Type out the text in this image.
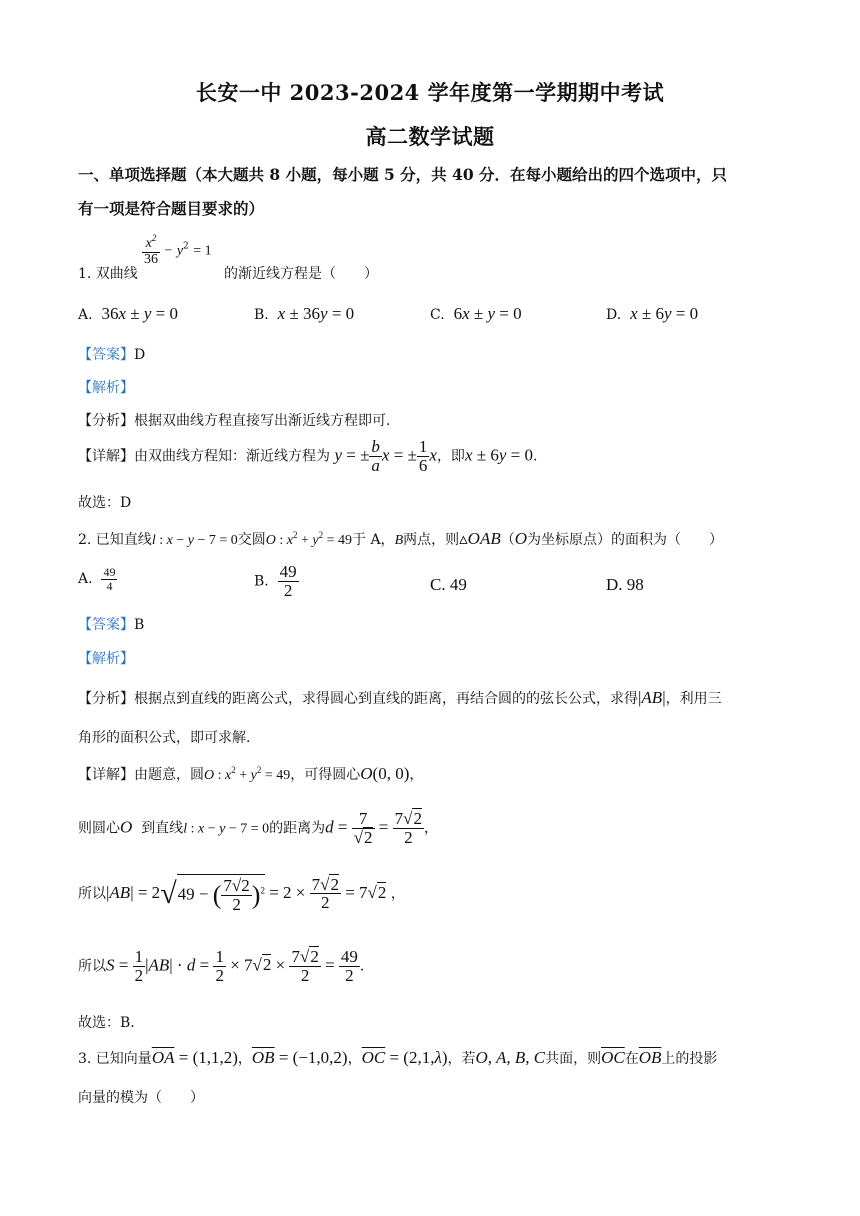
长安一中 2023-2024 学年度第一学期期中考试
高二数学试题
一、单项选择题（本大题共 8 小题，每小题 5 分，共 40 分．在每小题给出的四个选项中，只
有一项是符合题目要求的）
1. 双曲线
$\frac{x^2}{36} - y^2 = 1$
的渐近线方程是（　　）
A. 36x ± y = 0	B. x ± 36y = 0	C. 6x ± y = 0	D. x ± 6y = 0
【答案】D
【解析】
【分析】根据双曲线方程直接写出渐近线方程即可.
【详解】由双曲线方程知：渐近线方程为 y = ± $\frac{b}{a}$ x = ± $\frac{1}{6}$ x，即x ± 6y = 0.
故选：D
2. 已知直线l : x − y − 7 = 0交圆O : $x^2 + y^2 = 49$于 A，B两点，则▵OAB（O为坐标原点）的面积为（　　）
A. $\frac{49}{4}$	B. $\frac{49}{2}$	C. 49	D. 98
【答案】B
【解析】
【分析】根据点到直线的距离公式，求得圆心到直线的距离，再结合圆的的弦长公式，求得|AB|，利用三
角形的面积公式，即可求解.
【详解】由题意，圆O : $x^2 + y^2 = 49$，可得圆心O(0, 0)，
则圆心O 到直线l : x − y − 7 = 0的距离为$d = \frac{7}{√2} = \frac{7√2}{2}$ ，
所以|AB| = 2√49 − ( $\frac{7√2}{2} )^2 = 2 \times \frac{7√2}{2} = 7√2$ ，
所以$S = \frac{1}{2} |AB| \cdot d = \frac{1}{2} \times 7√2 \times \frac{7√2}{2} = \frac{49}{2}$ .
故选：B.
3. 已知向量$\overline{OA} = (1,1,2)$，$\overline{OB} = (-1,0,2)$，$\overline{OC} = (2,1,\lambda)$，若O, A, B, C共面，则$\overline{OC}$在$\overline{OB}$上的投影
向量的模为（　　）
